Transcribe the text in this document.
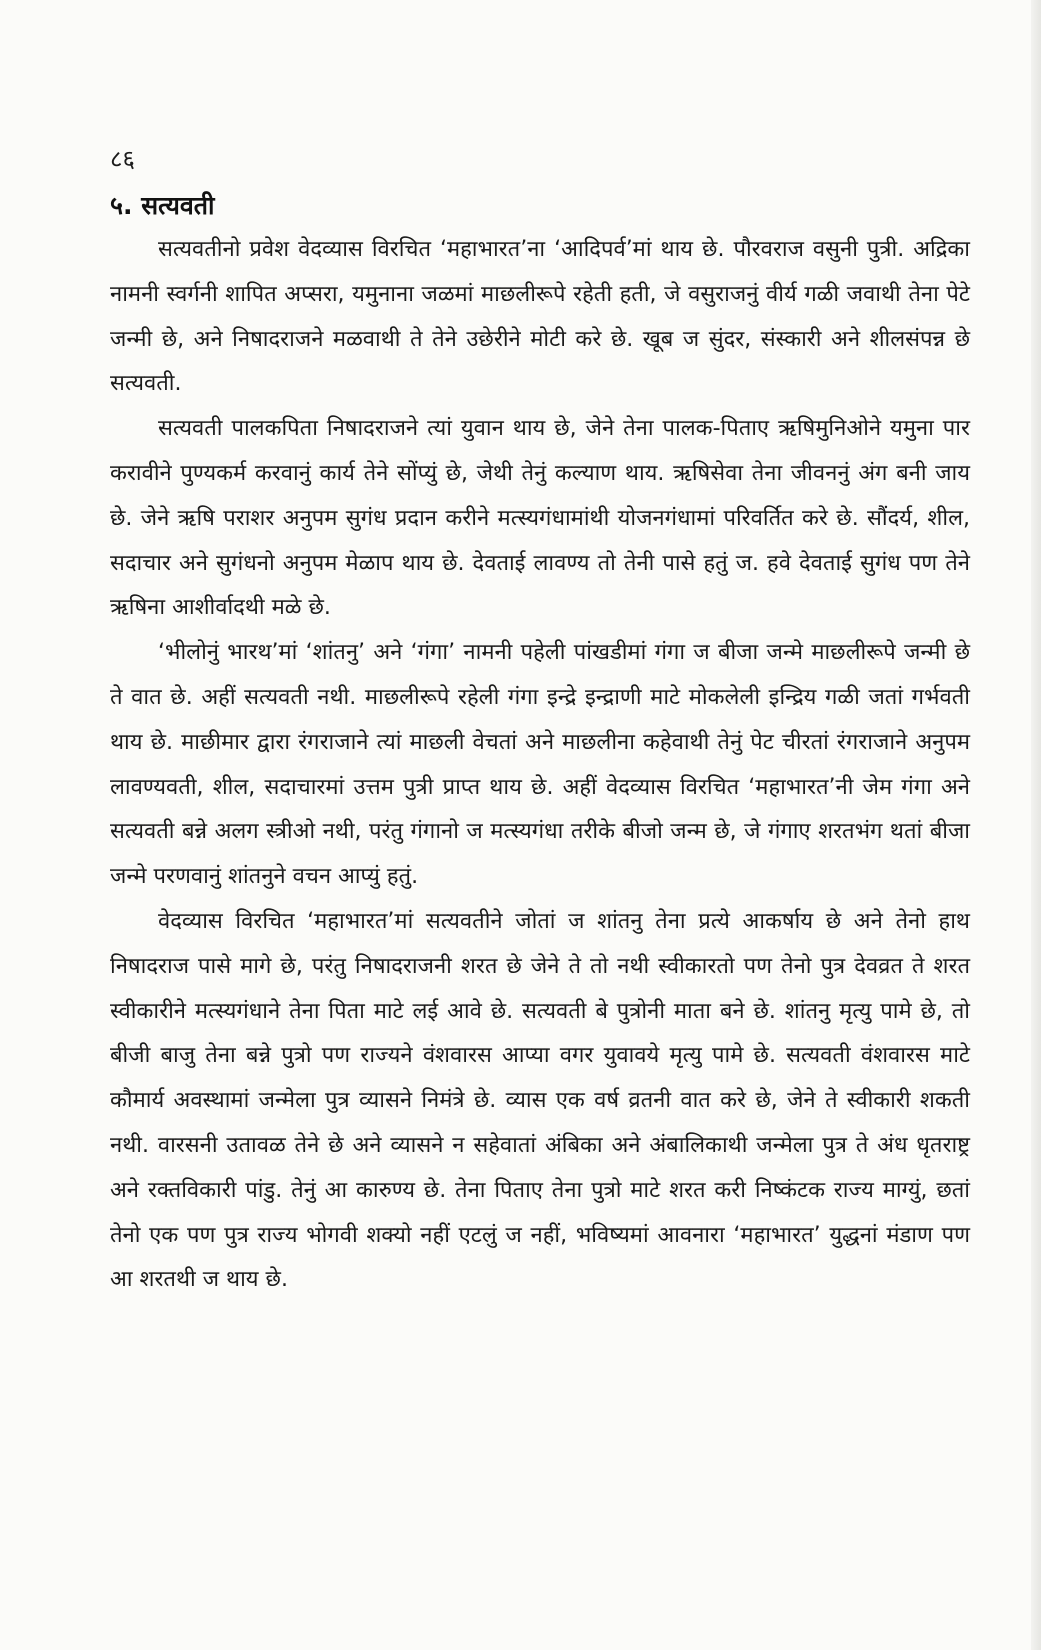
८६
५. सत्यवती

सत्यवतीनो प्रवेश वेदव्यास विरचित ‘महाभारत’ना ‘आदिपर्व’मां थाय छे. पौरवराज वसुनी पुत्री. अद्रिका नामनी स्वर्गनी शापित अप्सरा, यमुनाना जळमां माछलीरूपे रहेती हती, जे वसुराजनुं वीर्य गळी जवाथी तेना पेटे जन्मी छे, अने निषादराजने मळवाथी ते तेने उछेरीने मोटी करे छे. खूब ज सुंदर, संस्कारी अने शीलसंपन्न छे सत्यवती.

सत्यवती पालकपिता निषादराजने त्यां युवान थाय छे, जेने तेना पालक-पिताए ऋषिमुनिओने यमुना पार करावीने पुण्यकर्म करवानुं कार्य तेने सोंप्युं छे, जेथी तेनुं कल्याण थाय. ऋषिसेवा तेना जीवननुं अंग बनी जाय छे. जेने ऋषि पराशर अनुपम सुगंध प्रदान करीने मत्स्यगंधामांथी योजनगंधामां परिवर्तित करे छे. सौंदर्य, शील, सदाचार अने सुगंधनो अनुपम मेळाप थाय छे. देवताई लावण्य तो तेनी पासे हतुं ज. हवे देवताई सुगंध पण तेने ऋषिना आशीर्वादथी मळे छे.

‘भीलोनुं भारथ’मां ‘शांतनु’ अने ‘गंगा’ नामनी पहेली पांखडीमां गंगा ज बीजा जन्मे माछलीरूपे जन्मी छे ते वात छे. अहीं सत्यवती नथी. माछलीरूपे रहेली गंगा इन्द्रे इन्द्राणी माटे मोकलेली इन्द्रिय गळी जतां गर्भवती थाय छे. माछीमार द्वारा रंगराजाने त्यां माछली वेचतां अने माछलीना कहेवाथी तेनुं पेट चीरतां रंगराजाने अनुपम लावण्यवती, शील, सदाचारमां उत्तम पुत्री प्राप्त थाय छे. अहीं वेदव्यास विरचित ‘महाभारत’नी जेम गंगा अने सत्यवती बन्ने अलग स्त्रीओ नथी, परंतु गंगानो ज मत्स्यगंधा तरीके बीजो जन्म छे, जे गंगाए शरतभंग थतां बीजा जन्मे परणवानुं शांतनुने वचन आप्युं हतुं.

वेदव्यास विरचित ‘महाभारत’मां सत्यवतीने जोतां ज शांतनु तेना प्रत्ये आकर्षाय छे अने तेनो हाथ निषादराज पासे मागे छे, परंतु निषादराजनी शरत छे जेने ते तो नथी स्वीकारतो पण तेनो पुत्र देवव्रत ते शरत स्वीकारीने मत्स्यगंधाने तेना पिता माटे लई आवे छे. सत्यवती बे पुत्रोनी माता बने छे. शांतनु मृत्यु पामे छे, तो बीजी बाजु तेना बन्ने पुत्रो पण राज्यने वंशवारस आप्या वगर युवावये मृत्यु पामे छे. सत्यवती वंशवारस माटे कौमार्य अवस्थामां जन्मेला पुत्र व्यासने निमंत्रे छे. व्यास एक वर्ष व्रतनी वात करे छे, जेने ते स्वीकारी शकती नथी. वारसनी उतावळ तेने छे अने व्यासने न सहेवातां अंबिका अने अंबालिकाथी जन्मेला पुत्र ते अंध धृतराष्ट्र अने रक्तविकारी पांडु. तेनुं आ कारुण्य छे. तेना पिताए तेना पुत्रो माटे शरत करी निष्कंटक राज्य माग्युं, छतां तेनो एक पण पुत्र राज्य भोगवी शक्यो नहीं एटलुं ज नहीं, भविष्यमां आवनारा ‘महाभारत’ युद्धनां मंडाण पण आ शरतथी ज थाय छे.
